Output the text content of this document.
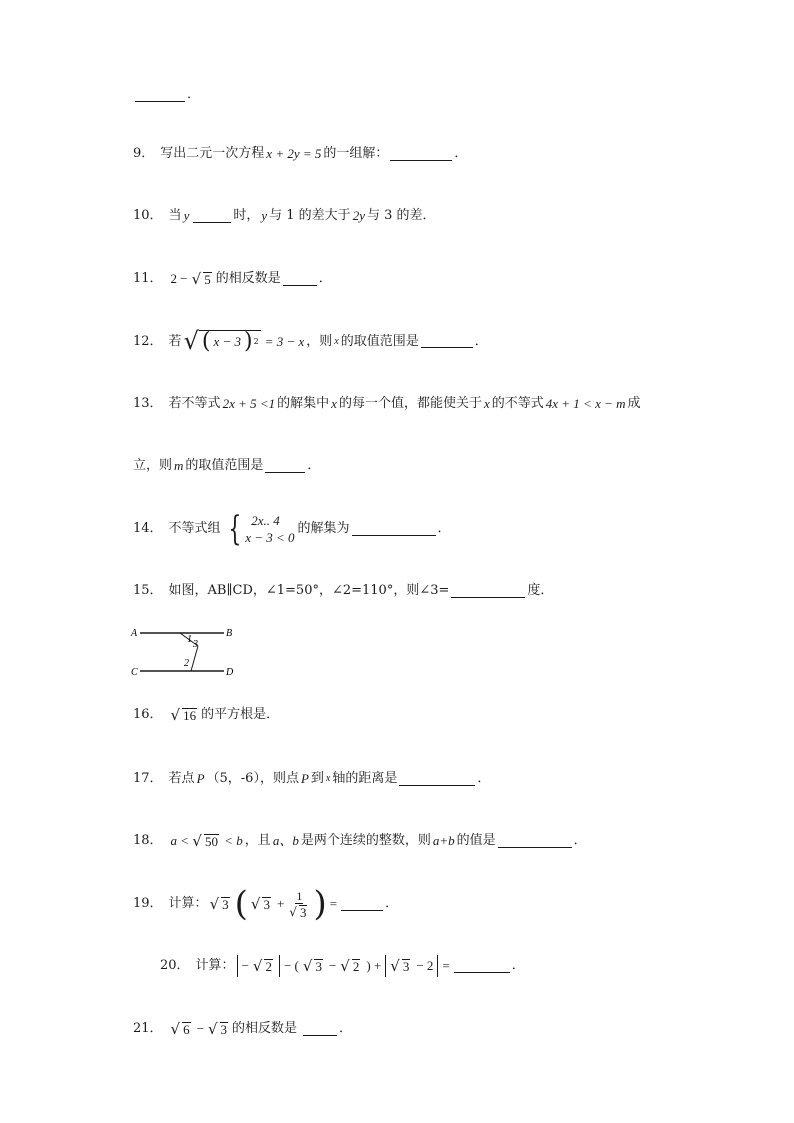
．
9． 写出二元一次方程 x + 2y = 5 的一组解：	．
10． 当 y	时， y 与 1 的差大于 2y 与 3 的差．
11． 2 − √ 5 的相反数是	．
12． 若 √ ( x − 3 ) 2 = 3 − x ，则 x 的取值范围是	．
13． 若不等式 2x + 5 <1 的解集中 x 的每一个值，都能使关于 x 的不等式 4x + 1 < x − m 成
立，则 m 的取值范围是	．
14． 不等式组 { 2x.. 4
x − 3 < 0
的解集为	．
15． 如图，AB∥CD，∠1=50°，∠2=110°，则∠3=	度．
A	B
C	D
1 3
2
16． √ 16 的平方根是．
17． 若点 P （5，-6），则点 P 到 x 轴的距离是	．
18． a < √ 50 < b ，且 a、b 是两个连续的整数，则 a+b 的值是	．
19． 计算： √ 3 ( √ $3 + \frac{1}{√ 3}$ ) =	．
20． 计算： − √ 2 − ( √ 3 − √ 2 ) + √ 3 − 2 =	．
21． √ 6 − √ 3 的相反数是	．
